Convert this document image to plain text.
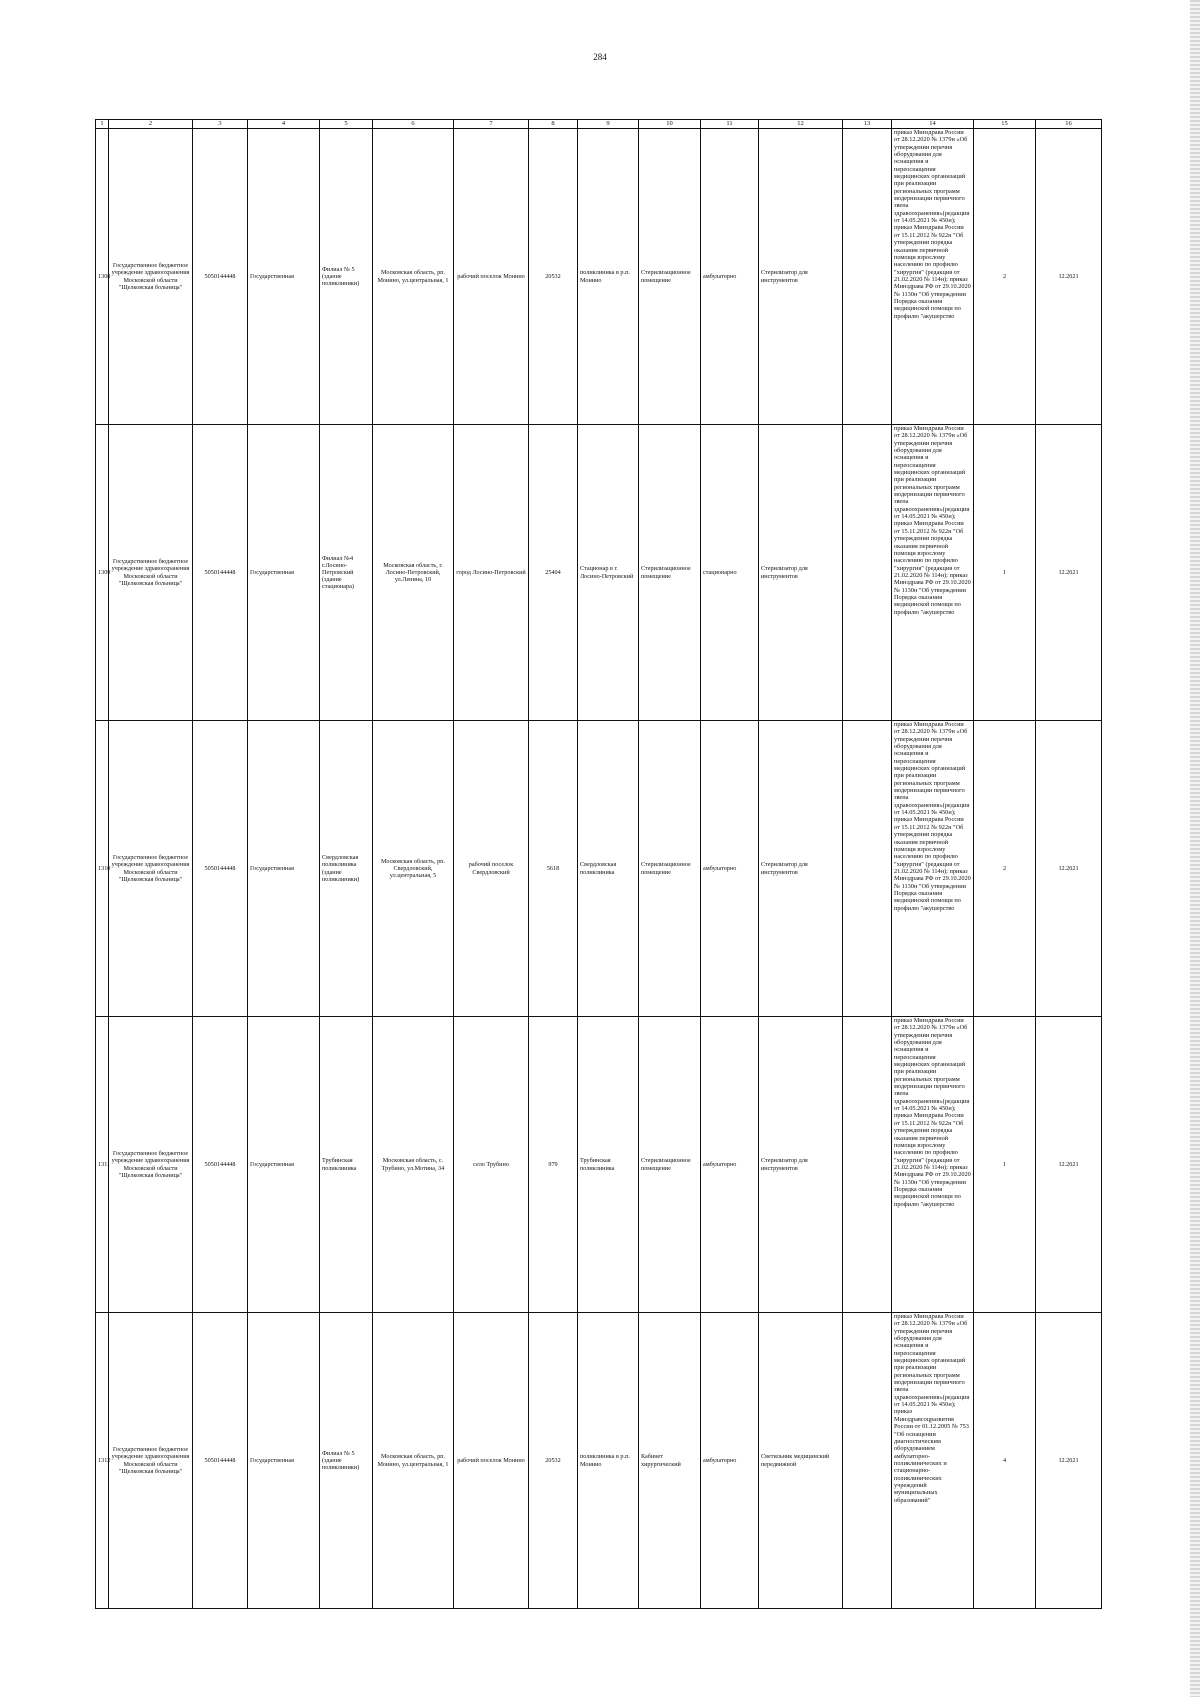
284
1	2	3	4	5	6	7	8	9	10	11	12	13	14	15	16
1308	Государственное бюджетное учреждение здравоохранения Московской области "Щелковская больница"	5050144448	Государственная	Филиал № 5 (здание поликлиники)	Московская область, рп. Монино, ул.центральная, 1	рабочий поселок Монино	20532	поликлиника в р.п. Монино	Стерилизационное помещение	амбулаторно	Стерилизатор для инструментов		приказ Минздрава России от 28.12.2020 № 1379н «Об утверждении перечня оборудования для оснащения и переоснащения медицинских организаций при реализации региональных программ модернизации первичного звена здравоохранения»(редакция от 14.05.2021 № 450н); приказ Минздрава России от 15.11.2012 № 922н "Об утверждении порядка оказания первичной помощи взрослому населению по профилю "хирургия" (редакция от 21.02.2020 № 114н); приказ Минздрава РФ от 29.10.2020 № 1130н "Об утверждении Порядка оказания медицинской помощи по профилю "акушерство	2	12.2021
1309	Государственное бюджетное учреждение здравоохранения Московской области "Щелковская больница"	5050144448	Государственная	Филиал №4 г.Лосино-Петровский (здание стационара)	Московская область, г. Лосино-Петровский, ул.Ленина, 10	город Лосино-Петровский	25404	Стационар в г. Лосино-Петровский	Стерилизационное помещение	стационарно	Стерилизатор для инструментов		приказ Минздрава России от 28.12.2020 № 1379н «Об утверждении перечня оборудования для оснащения и переоснащения медицинских организаций при реализации региональных программ модернизации первичного звена здравоохранения»(редакция от 14.05.2021 № 450н); приказ Минздрава России от 15.11.2012 № 922н "Об утверждении порядка оказания первичной помощи взрослому населению по профилю "хирургия" (редакция от 21.02.2020 № 114н); приказ Минздрава РФ от 29.10.2020 № 1130н "Об утверждении Порядка оказания медицинской помощи по профилю "акушерство	1	12.2021
1310	Государственное бюджетное учреждение здравоохранения Московской области "Щелковская больница"	5050144448	Государственная	Свердловская поликлиника (здание поликлиники)	Московская область, рп. Свердловский, ул.центральная, 5	рабочий поселок Свердловский	5618	Свердловская поликлиника	Стерилизационное помещение	амбулаторно	Стерилизатор для инструментов		приказ Минздрава России от 28.12.2020 № 1379н «Об утверждении перечня оборудования для оснащения и переоснащения медицинских организаций при реализации региональных программ модернизации первичного звена здравоохранения»(редакция от 14.05.2021 № 450н); приказ Минздрава России от 15.11.2012 № 922н "Об утверждении порядка оказания первичной помощи взрослому населению по профилю "хирургия" (редакция от 21.02.2020 № 114н); приказ Минздрава РФ от 29.10.2020 № 1130н "Об утверждении Порядка оказания медицинской помощи по профилю "акушерство	2	12.2021
1311	Государственное бюджетное учреждение здравоохранения Московской области "Щелковская больница"	5050144448	Государственная	Трубинская поликлиника	Московская область, с. Трубино, ул.Мотина, 34	село Трубино	979	Трубинская поликлиника	Стерилизационное помещение	амбулаторно	Стерилизатор для инструментов		приказ Минздрава России от 28.12.2020 № 1379н «Об утверждении перечня оборудования для оснащения и переоснащения медицинских организаций при реализации региональных программ модернизации первичного звена здравоохранения»(редакция от 14.05.2021 № 450н); приказ Минздрава России от 15.11.2012 № 922н "Об утверждении порядка оказания первичной помощи взрослому населению по профилю "хирургия" (редакция от 21.02.2020 № 114н); приказ Минздрава РФ от 29.10.2020 № 1130н "Об утверждении Порядка оказания медицинской помощи по профилю "акушерство	1	12.2021
1312	Государственное бюджетное учреждение здравоохранения Московской области "Щелковская больница"	5050144448	Государственная	Филиал № 5 (здание поликлиники)	Московская область, рп. Монино, ул.центральная, 1	рабочий поселок Монино	20532	поликлиника в р.п. Монино	Кабинет хирургический	амбулаторно	Светильник медицинский передвижной		приказ Минздрава России от 28.12.2020 № 1379н «Об утверждении перечня оборудования для оснащения и переоснащения медицинских организаций при реализации региональных программ модернизации первичного звена здравоохранения»(редакция от 14.05.2021 № 450н); приказ Минздравсоцразвития России от 01.12.2005 № 753 "Об оснащении диагностическим оборудованием амбулаторно-поликлинических и стационарно-поликлинических учреждений муниципальных образований"	4	12.2021
